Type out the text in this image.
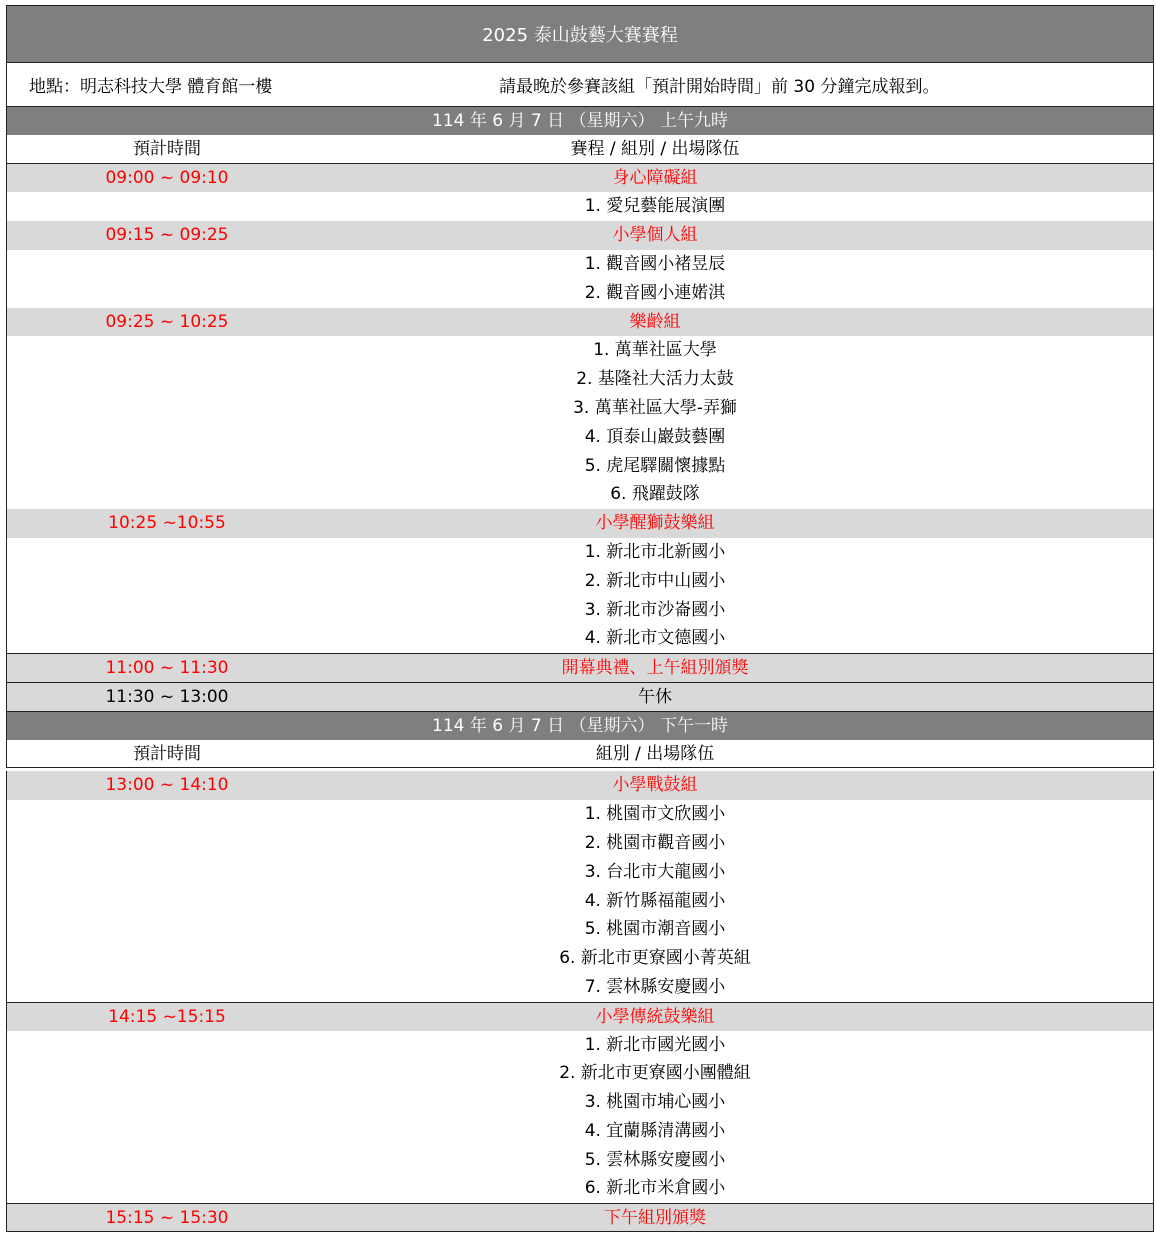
2025 泰山鼓藝大賽賽程
地點：明志科技大學 體育館一樓	請最晚於參賽該組「預計開始時間」前 30 分鐘完成報到。
114 年 6 月 7 日 （星期六） 上午九時
預計時間	賽程 / 組別 / 出場隊伍
09:00 ~ 09:10	身心障礙組
1. 愛兒藝能展演團
09:15 ~ 09:25	小學個人組
1. 觀音國小褚昱辰
2. 觀音國小連婼淇
09:25 ~ 10:25	樂齡組
1. 萬華社區大學
2. 基隆社大活力太鼓
3. 萬華社區大學-弄獅
4. 頂泰山巖鼓藝團
5. 虎尾驛關懷據點
6. 飛躍鼓隊
10:25 ~10:55	小學醒獅鼓樂組
1. 新北市北新國小
2. 新北市中山國小
3. 新北市沙崙國小
4. 新北市文德國小
11:00 ~ 11:30	開幕典禮、上午組別頒獎
11:30 ~ 13:00	午休
114 年 6 月 7 日 （星期六） 下午一時
預計時間	組別 / 出場隊伍
13:00 ~ 14:10	小學戰鼓組
1. 桃園市文欣國小
2. 桃園市觀音國小
3. 台北市大龍國小
4. 新竹縣福龍國小
5. 桃園市潮音國小
6. 新北市更寮國小菁英組
7. 雲林縣安慶國小
14:15 ~15:15	小學傳統鼓樂組
1. 新北市國光國小
2. 新北市更寮國小團體組
3. 桃園市埔心國小
4. 宜蘭縣清溝國小
5. 雲林縣安慶國小
6. 新北市米倉國小
15:15 ~ 15:30	下午組別頒獎
